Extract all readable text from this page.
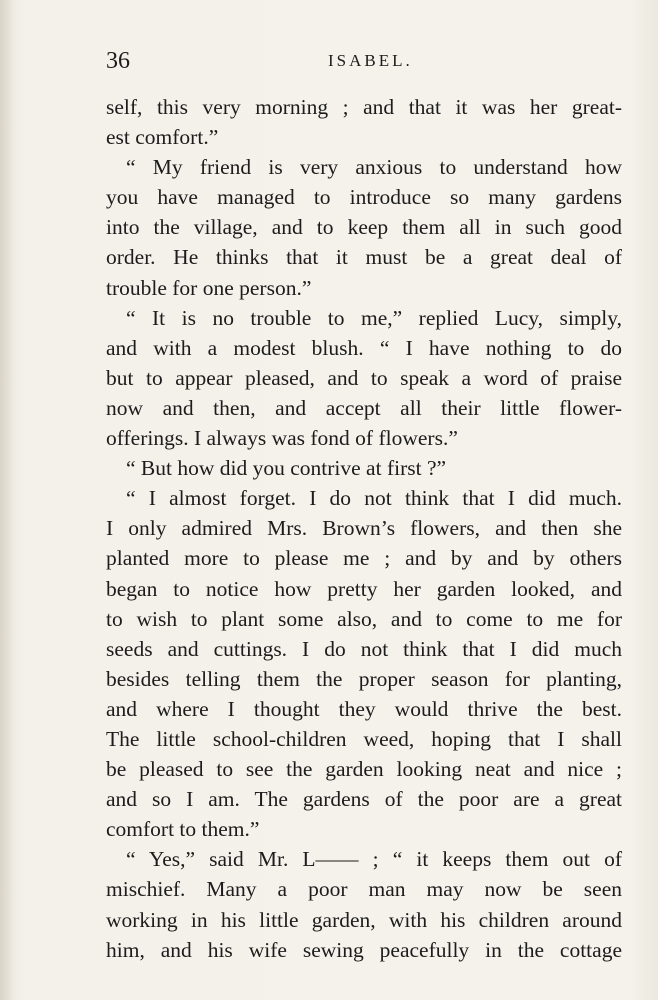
36	ISABEL.
self, this very morning ; and that it was her great-
est comfort.”
“ My friend is very anxious to understand how
you have managed to introduce so many gardens
into the village, and to keep them all in such good
order. He thinks that it must be a great deal of
trouble for one person.”
“ It is no trouble to me,” replied Lucy, simply,
and with a modest blush. “ I have nothing to do
but to appear pleased, and to speak a word of praise
now and then, and accept all their little flower-
offerings. I always was fond of flowers.”
“ But how did you contrive at first ?”
“ I almost forget. I do not think that I did much.
I only admired Mrs. Brown’s flowers, and then she
planted more to please me ; and by and by others
began to notice how pretty her garden looked, and
to wish to plant some also, and to come to me for
seeds and cuttings. I do not think that I did much
besides telling them the proper season for planting,
and where I thought they would thrive the best.
The little school-children weed, hoping that I shall
be pleased to see the garden looking neat and nice ;
and so I am. The gardens of the poor are a great
comfort to them.”
“ Yes,” said Mr. L—— ; “ it keeps them out of
mischief. Many a poor man may now be seen
working in his little garden, with his children around
him, and his wife sewing peacefully in the cottage
